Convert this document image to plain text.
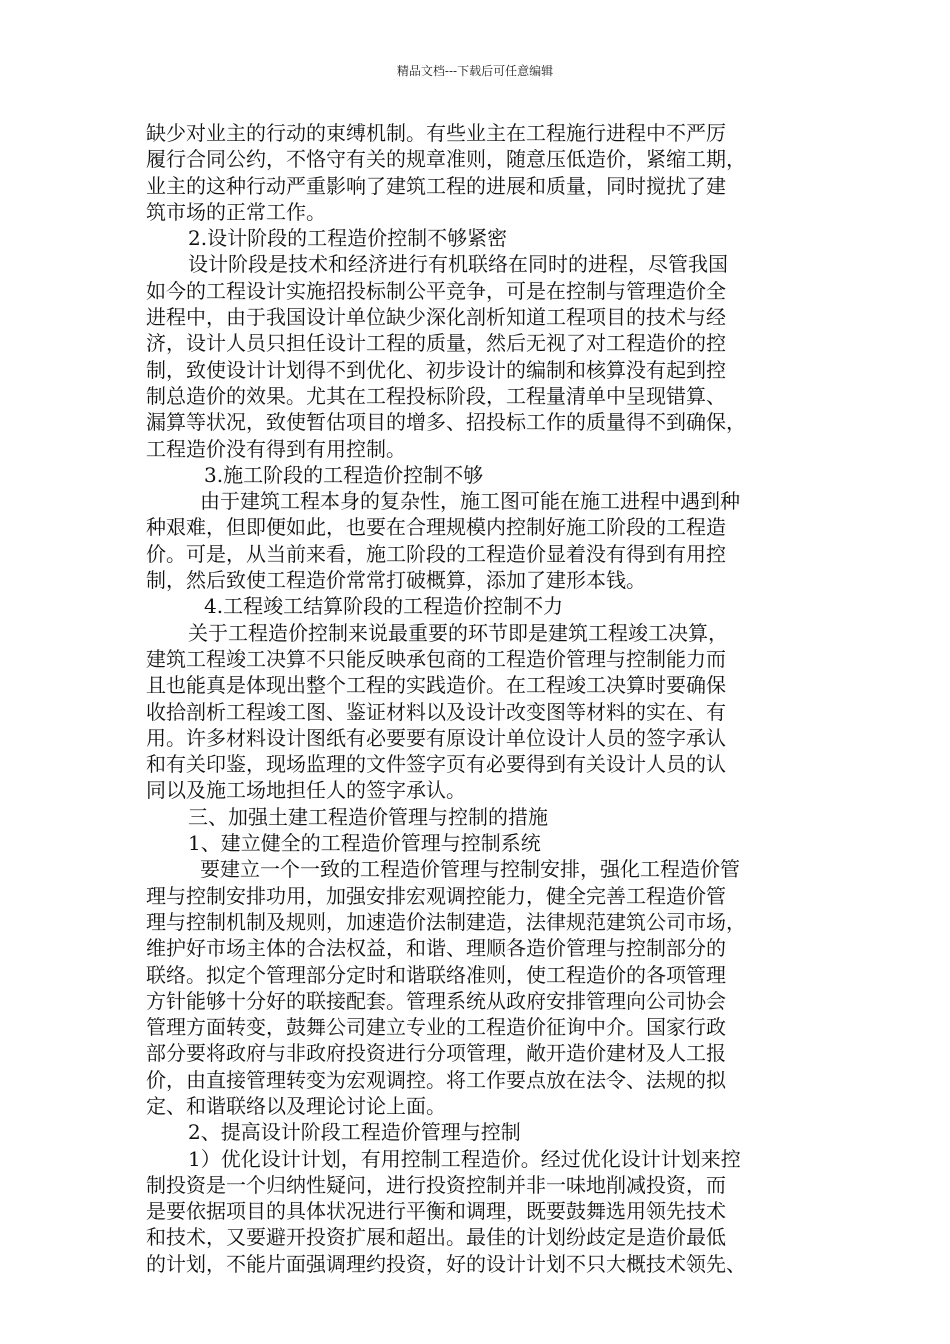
精品文档---下载后可任意编辑
缺少对业主的行动的束缚机制。有些业主在工程施行进程中不严厉
履行合同公约，不恪守有关的规章准则，随意压低造价，紧缩工期，
业主的这种行动严重影响了建筑工程的进展和质量，同时搅扰了建
筑市场的正常工作。
2.设计阶段的工程造价控制不够紧密
设计阶段是技术和经济进行有机联络在同时的进程，尽管我国
如今的工程设计实施招投标制公平竞争，可是在控制与管理造价全
进程中，由于我国设计单位缺少深化剖析知道工程项目的技术与经
济，设计人员只担任设计工程的质量，然后无视了对工程造价的控
制，致使设计计划得不到优化、初步设计的编制和核算没有起到控
制总造价的效果。尤其在工程投标阶段，工程量清单中呈现错算、
漏算等状况，致使暂估项目的增多、招投标工作的质量得不到确保，
工程造价没有得到有用控制。
3.施工阶段的工程造价控制不够
由于建筑工程本身的复杂性，施工图可能在施工进程中遇到种
种艰难，但即便如此，也要在合理规模内控制好施工阶段的工程造
价。可是，从当前来看，施工阶段的工程造价显着没有得到有用控
制，然后致使工程造价常常打破概算，添加了建形本钱。
4.工程竣工结算阶段的工程造价控制不力
关于工程造价控制来说最重要的环节即是建筑工程竣工决算，
建筑工程竣工决算不只能反映承包商的工程造价管理与控制能力而
且也能真是体现出整个工程的实践造价。在工程竣工决算时要确保
收拾剖析工程竣工图、鉴证材料以及设计改变图等材料的实在、有
用。许多材料设计图纸有必要要有原设计单位设计人员的签字承认
和有关印鉴，现场监理的文件签字页有必要得到有关设计人员的认
同以及施工场地担任人的签字承认。
三、加强土建工程造价管理与控制的措施
1、建立健全的工程造价管理与控制系统
要建立一个一致的工程造价管理与控制安排，强化工程造价管
理与控制安排功用，加强安排宏观调控能力，健全完善工程造价管
理与控制机制及规则，加速造价法制建造，法律规范建筑公司市场，
维护好市场主体的合法权益，和谐、理顺各造价管理与控制部分的
联络。拟定个管理部分定时和谐联络准则，使工程造价的各项管理
方针能够十分好的联接配套。管理系统从政府安排管理向公司协会
管理方面转变，鼓舞公司建立专业的工程造价征询中介。国家行政
部分要将政府与非政府投资进行分项管理，敞开造价建材及人工报
价，由直接管理转变为宏观调控。将工作要点放在法令、法规的拟
定、和谐联络以及理论讨论上面。
2、提高设计阶段工程造价管理与控制
1）优化设计计划，有用控制工程造价。经过优化设计计划来控
制投资是一个归纳性疑问，进行投资控制并非一味地削减投资，而
是要依据项目的具体状况进行平衡和调理，既要鼓舞选用领先技术
和技术，又要避开投资扩展和超出。最佳的计划纷歧定是造价最低
的计划，不能片面强调理约投资，好的设计计划不只大概技术领先、
